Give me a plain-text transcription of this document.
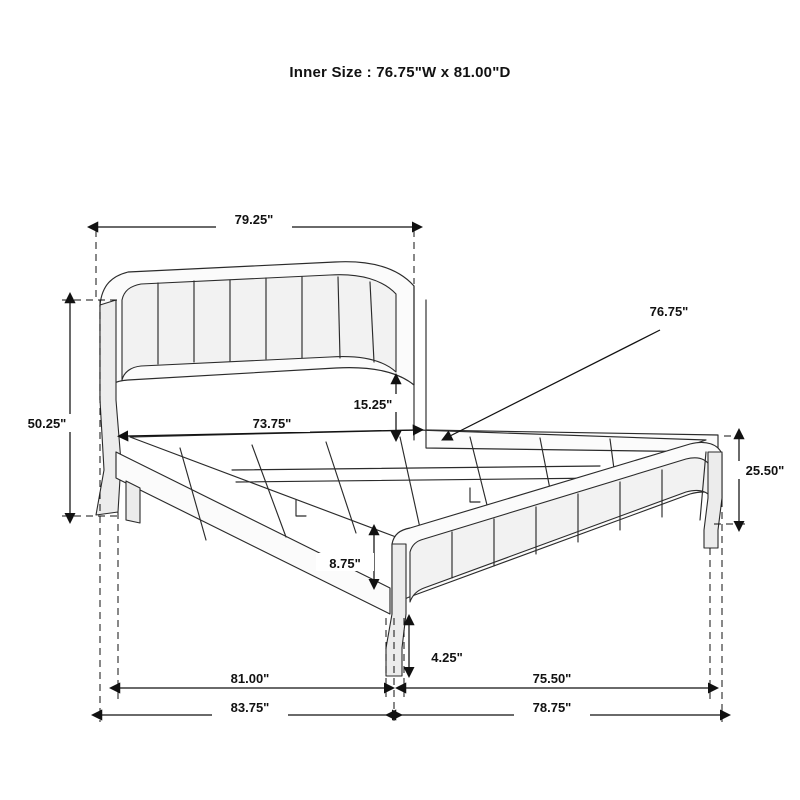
Inner Size : 76.75"W x 81.00"D
79.25"
50.25"	73.75"
15.25"
76.75"
25.50"
8.75"
4.25"
81.00"	75.50"
83.75"	78.75"
